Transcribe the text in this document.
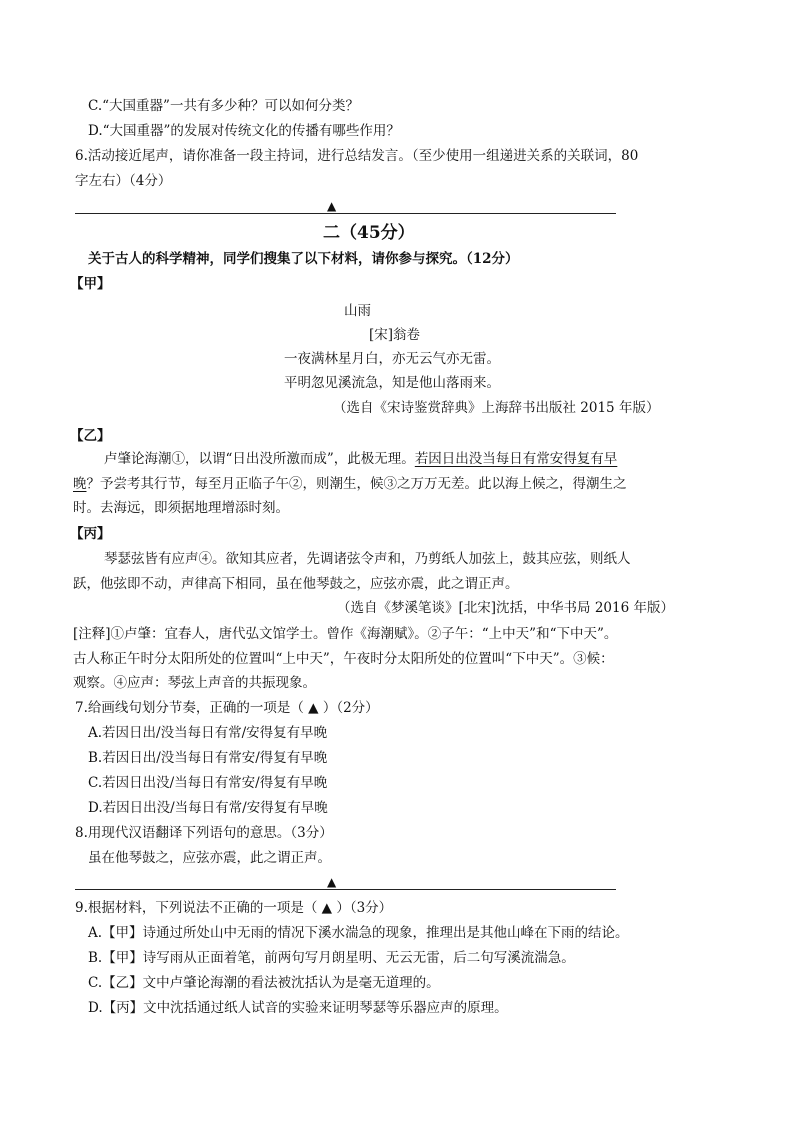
C.“大国重器”一共有多少种？可以如何分类？
D.“大国重器”的发展对传统文化的传播有哪些作用？
6.活动接近尾声，请你准备一段主持词，进行总结发言。（至少使用一组递进关系的关联词，80
字左右）（4分）
▲
二（45分）
关于古人的科学精神，同学们搜集了以下材料，请你参与探究。（12分）
【甲】
山雨
[宋]翁卷
一夜满林星月白，亦无云气亦无雷。
平明忽见溪流急，知是他山落雨来。
（选自《宋诗鉴赏辞典》上海辞书出版社 2015 年版）
【乙】
卢肇论海潮①，以谓“日出没所激而成”，此极无理。若因日出没当每日有常安得复有早
晚？予尝考其行节，每至月正临子午②，则潮生，候③之万万无差。此以海上候之，得潮生之
时。去海远，即须据地理增添时刻。
【丙】
琴瑟弦皆有应声④。欲知其应者，先调诸弦令声和，乃剪纸人加弦上，鼓其应弦，则纸人
跃，他弦即不动，声律高下相同，虽在他琴鼓之，应弦亦震，此之谓正声。
（选自《梦溪笔谈》[北宋]沈括，中华书局 2016 年版）
[注释]①卢肇：宜春人，唐代弘文馆学士。曾作《海潮赋》。②子午：“上中天”和“下中天”。
古人称正午时分太阳所处的位置叫“上中天”，午夜时分太阳所处的位置叫“下中天”。③候：
观察。④应声：琴弦上声音的共振现象。
7.给画线句划分节奏，正确的一项是（ ▲ ）（2分）
A.若因日出/没当每日有常/安得复有早晚
B.若因日出/没当每日有常安/得复有早晚
C.若因日出没/当每日有常安/得复有早晚
D.若因日出没/当每日有常/安得复有早晚
8.用现代汉语翻译下列语句的意思。（3分）
虽在他琴鼓之，应弦亦震，此之谓正声。
▲
9.根据材料，下列说法不正确的一项是（ ▲ ）（3分）
A.【甲】诗通过所处山中无雨的情况下溪水湍急的现象，推理出是其他山峰在下雨的结论。
B.【甲】诗写雨从正面着笔，前两句写月朗星明、无云无雷，后二句写溪流湍急。
C.【乙】文中卢肇论海潮的看法被沈括认为是毫无道理的。
D.【丙】文中沈括通过纸人试音的实验来证明琴瑟等乐器应声的原理。
